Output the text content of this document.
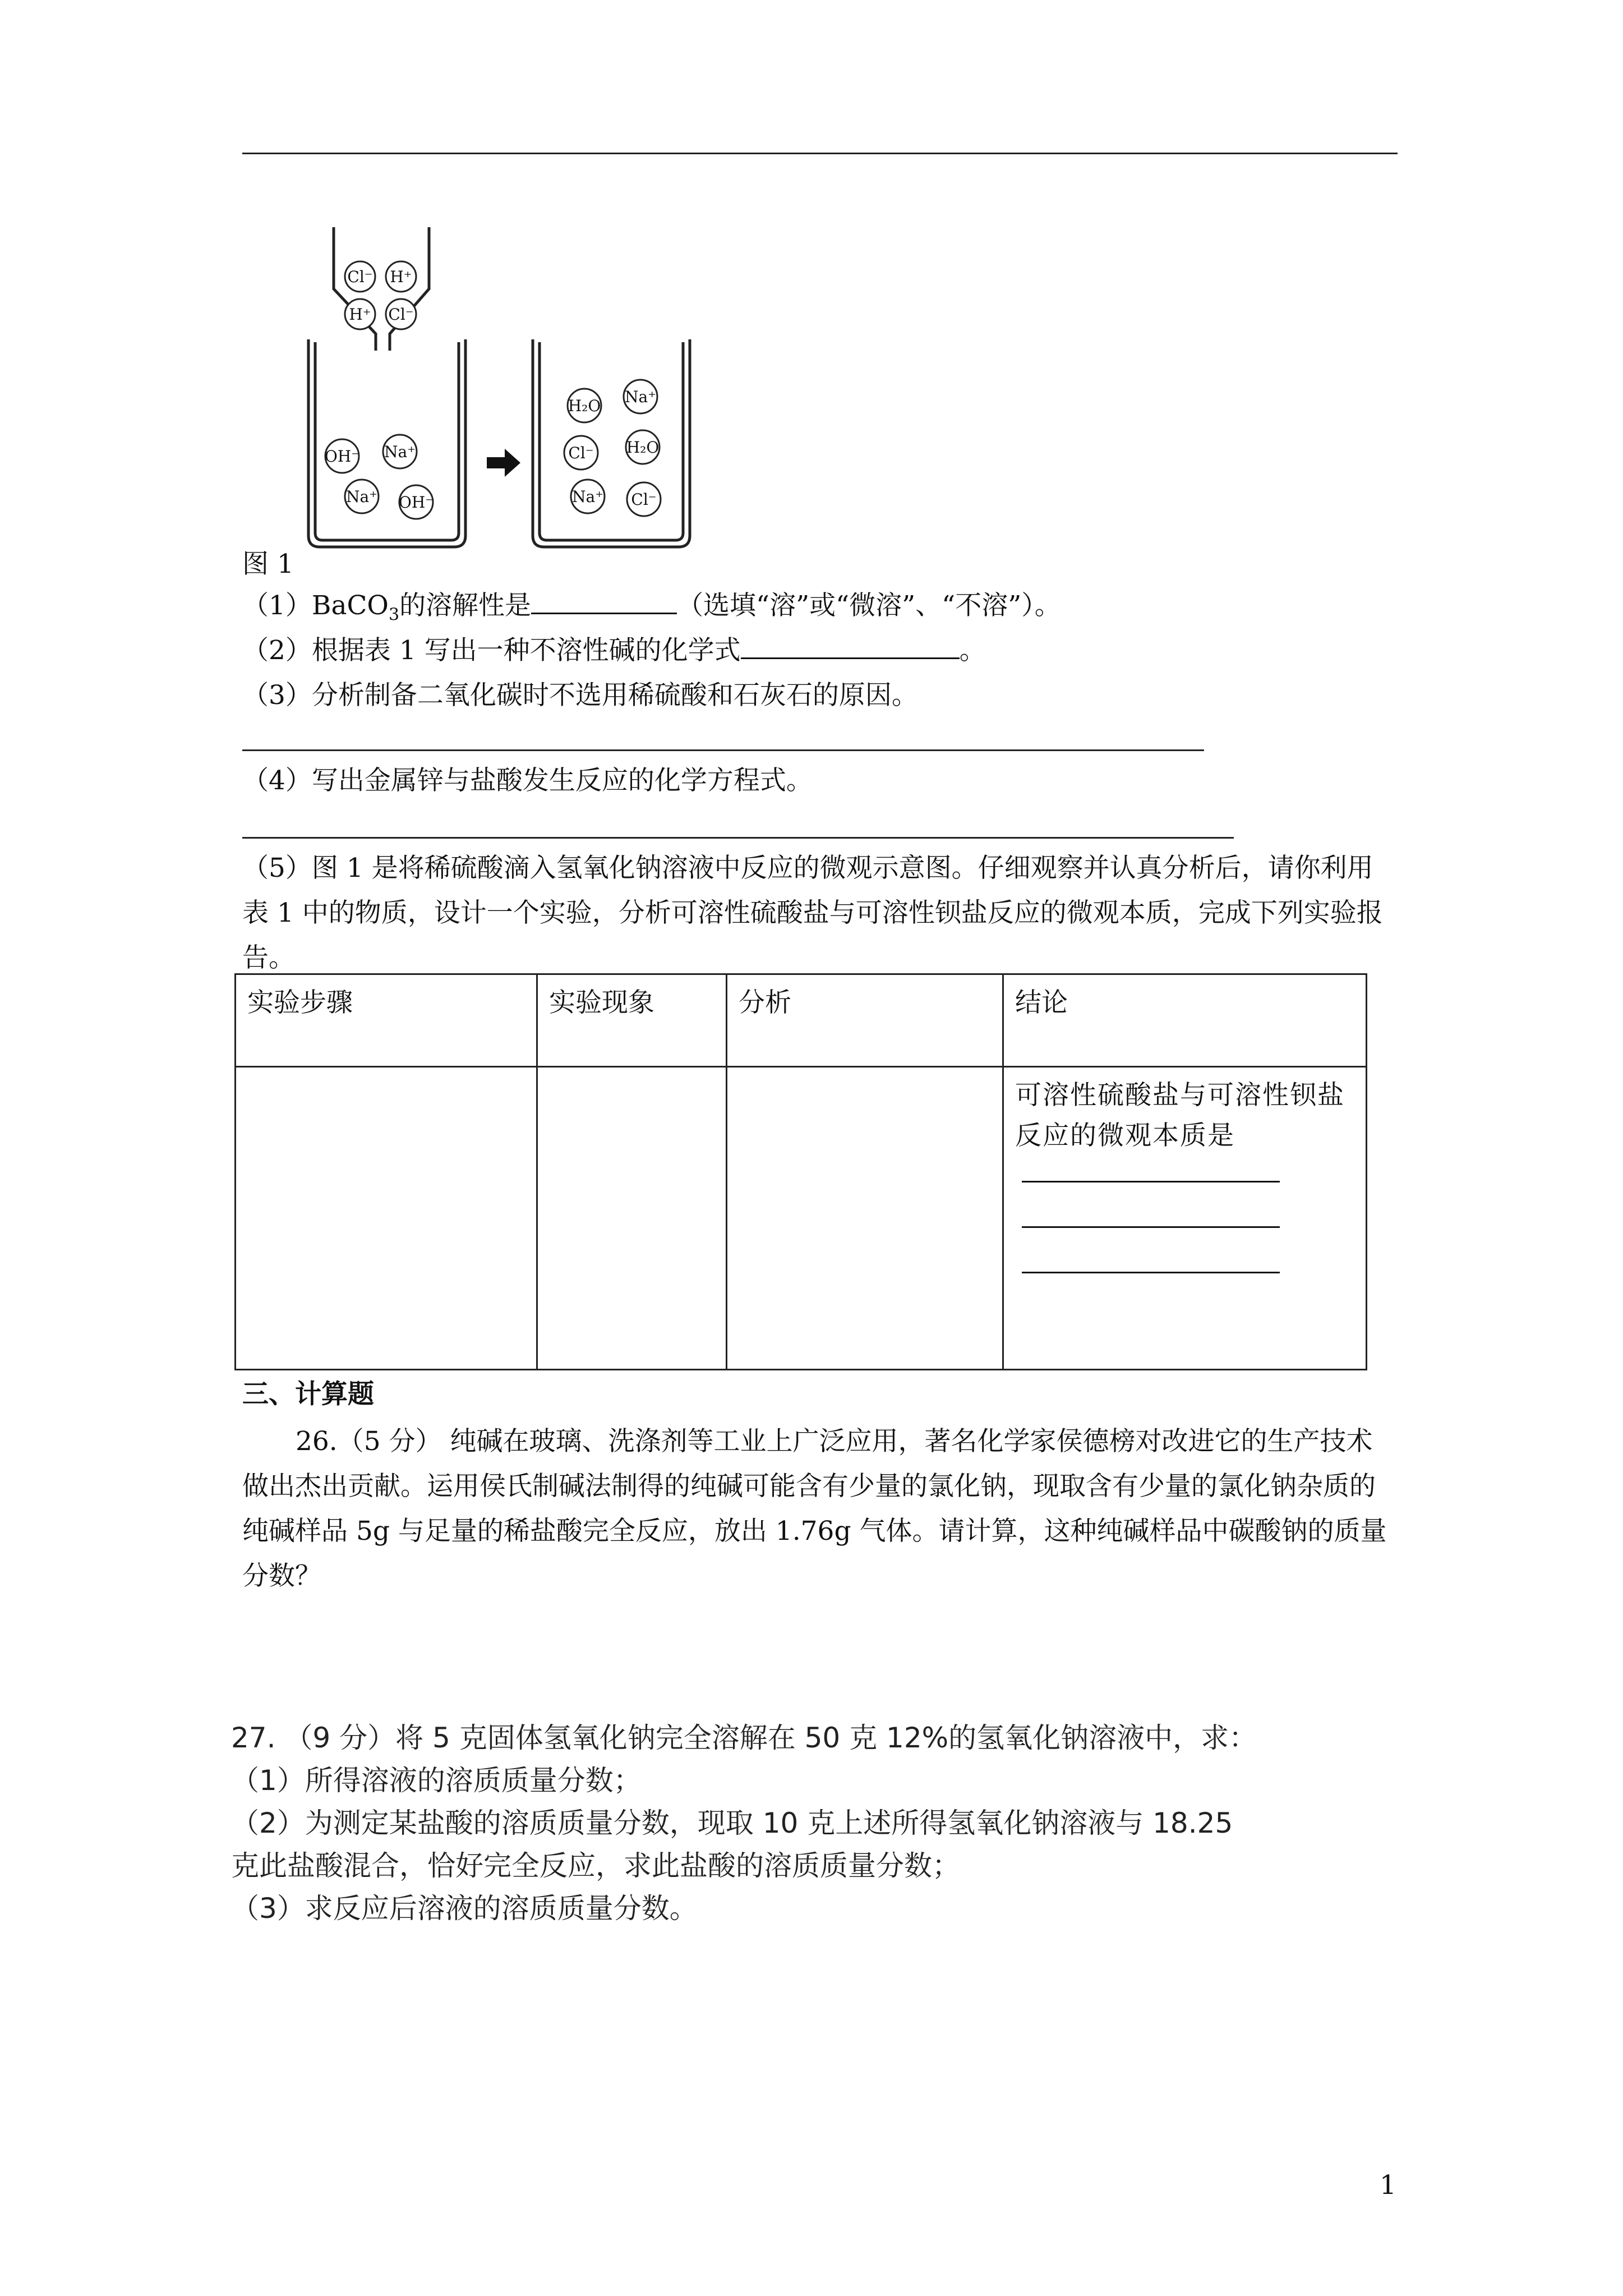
Cl⁻ H⁺
H⁺ Cl⁻
OH⁻ Na⁺
Na⁺ OH⁻
H₂O Na⁺
Cl⁻ H₂O
Na⁺ Cl⁻
图 1
（1）BaCO$_3$的溶解性是	（选填“溶”或“微溶”、“不溶”）。
（2）根据表 1 写出一种不溶性碱的化学式	。
（3）分析制备二氧化碳时不选用稀硫酸和石灰石的原因。
（4）写出金属锌与盐酸发生反应的化学方程式。
（5）图 1 是将稀硫酸滴入氢氧化钠溶液中反应的微观示意图。仔细观察并认真分析后，请你利用表 1 中的物质，设计一个实验，分析可溶性硫酸盐与可溶性钡盐反应的微观本质，完成下列实验报告。
实验步骤	实验现象	分析	结论

			可溶性硫酸盐与可溶性钡盐反应的微观本质是
三、计算题
26.（5 分） 纯碱在玻璃、洗涤剂等工业上广泛应用，著名化学家侯德榜对改进它的生产技术做出杰出贡献。运用侯氏制碱法制得的纯碱可能含有少量的氯化钠，现取含有少量的氯化钠杂质的纯碱样品 5g 与足量的稀盐酸完全反应，放出 1.76g 气体。请计算，这种纯碱样品中碳酸钠的质量分数？
27. （9 分）将 5 克固体氢氧化钠完全溶解在 50 克 12%的氢氧化钠溶液中，求：
（1）所得溶液的溶质质量分数；
（2）为测定某盐酸的溶质质量分数，现取 10 克上述所得氢氧化钠溶液与 18.25
克此盐酸混合，恰好完全反应，求此盐酸的溶质质量分数；
（3）求反应后溶液的溶质质量分数。
1
